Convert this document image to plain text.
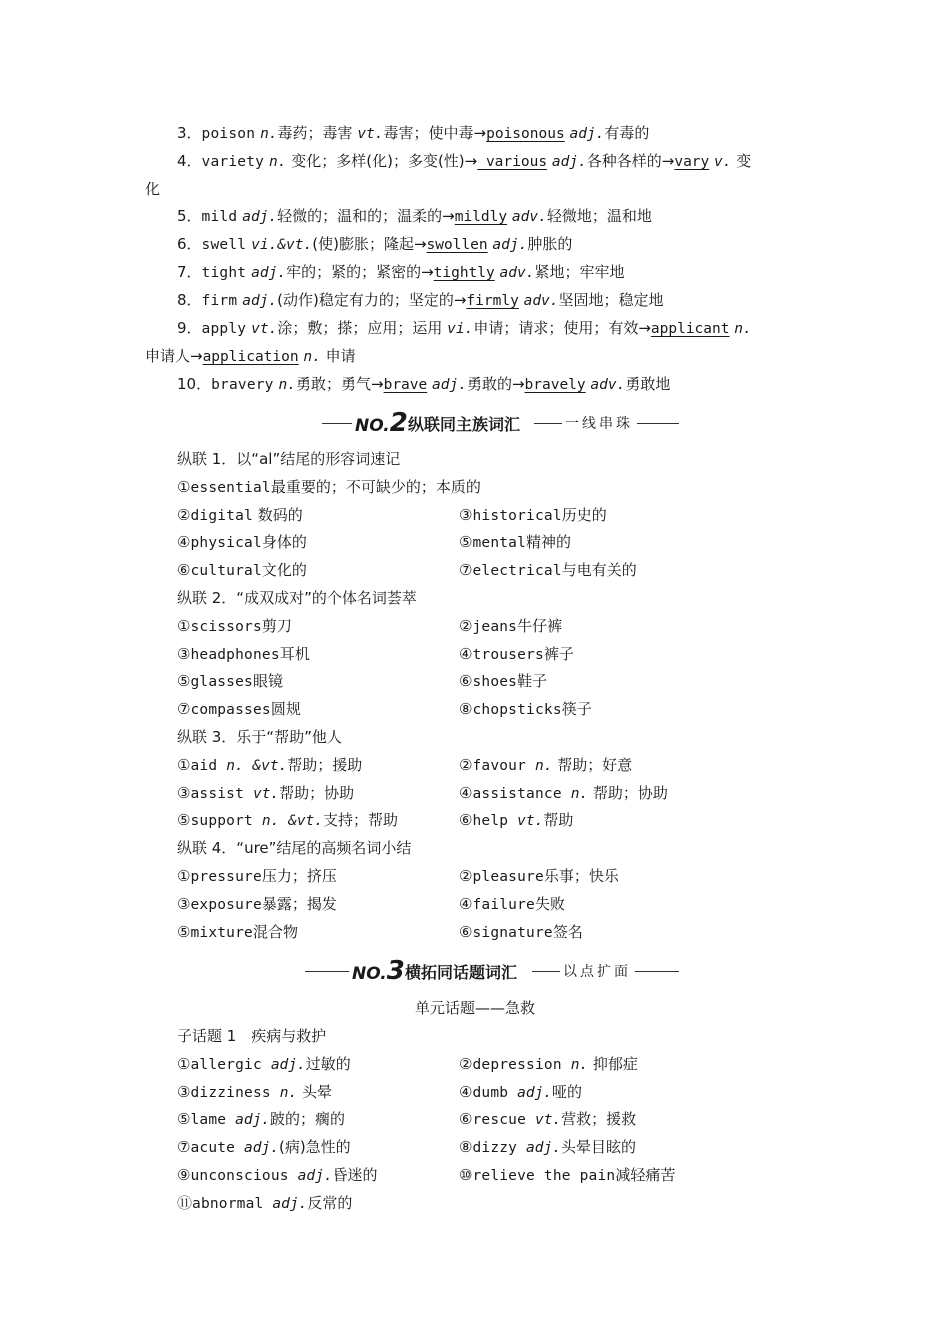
3．poison n.毒药；毒害 vt.毒害；使中毒→poisonous adj.有毒的
4．variety n. 变化；多样(化)；多变(性)→ various adj.各种各样的→vary v. 变
化
5．mild adj.轻微的；温和的；温柔的→mildly adv.轻微地；温和地
6．swell vi.&vt.(使)膨胀；隆起→swollen adj.肿胀的
7．tight adj.牢的；紧的；紧密的→tightly adv.紧地；牢牢地
8．firm adj.(动作)稳定有力的；坚定的→firmly adv.坚固地；稳定地
9．apply vt.涂；敷；搽；应用；运用 vi.申请；请求；使用；有效→applicant n.
申请人→application n. 申请
10．bravery n.勇敢；勇气→brave adj.勇敢的→bravely adv.勇敢地
NO.2 纵联同主族词汇	一线串珠
纵联 1．以“al”结尾的形容词速记
①essential最重要的；不可缺少的；本质的
②digital 数码的	③historical历史的
④physical身体的	⑤mental精神的
⑥cultural文化的	⑦electrical与电有关的
纵联 2．“成双成对”的个体名词荟萃
①scissors剪刀	②jeans牛仔裤
③headphones耳机	④trousers裤子
⑤glasses眼镜	⑥shoes鞋子
⑦compasses圆规	⑧chopsticks筷子
纵联 3．乐于“帮助”他人
①aid n. &vt.帮助；援助	②favour n. 帮助；好意
③assist vt.帮助；协助	④assistance n. 帮助；协助
⑤support n. &vt.支持；帮助	⑥help vt.帮助
纵联 4．“ure”结尾的高频名词小结
①pressure压力；挤压	②pleasure乐事；快乐
③exposure暴露；揭发	④failure失败
⑤mixture混合物	⑥signature签名
NO.3 横拓同话题词汇	以点扩面
单元话题——急救
子话题 1　疾病与救护
①allergic adj.过敏的	②depression n. 抑郁症
③dizziness n. 头晕	④dumb adj.哑的
⑤lame adj.跛的；瘸的	⑥rescue vt.营救；援救
⑦acute adj.(病)急性的	⑧dizzy adj.头晕目眩的
⑨unconscious adj.昏迷的	⑩relieve the pain减轻痛苦
⑪abnormal adj.反常的
